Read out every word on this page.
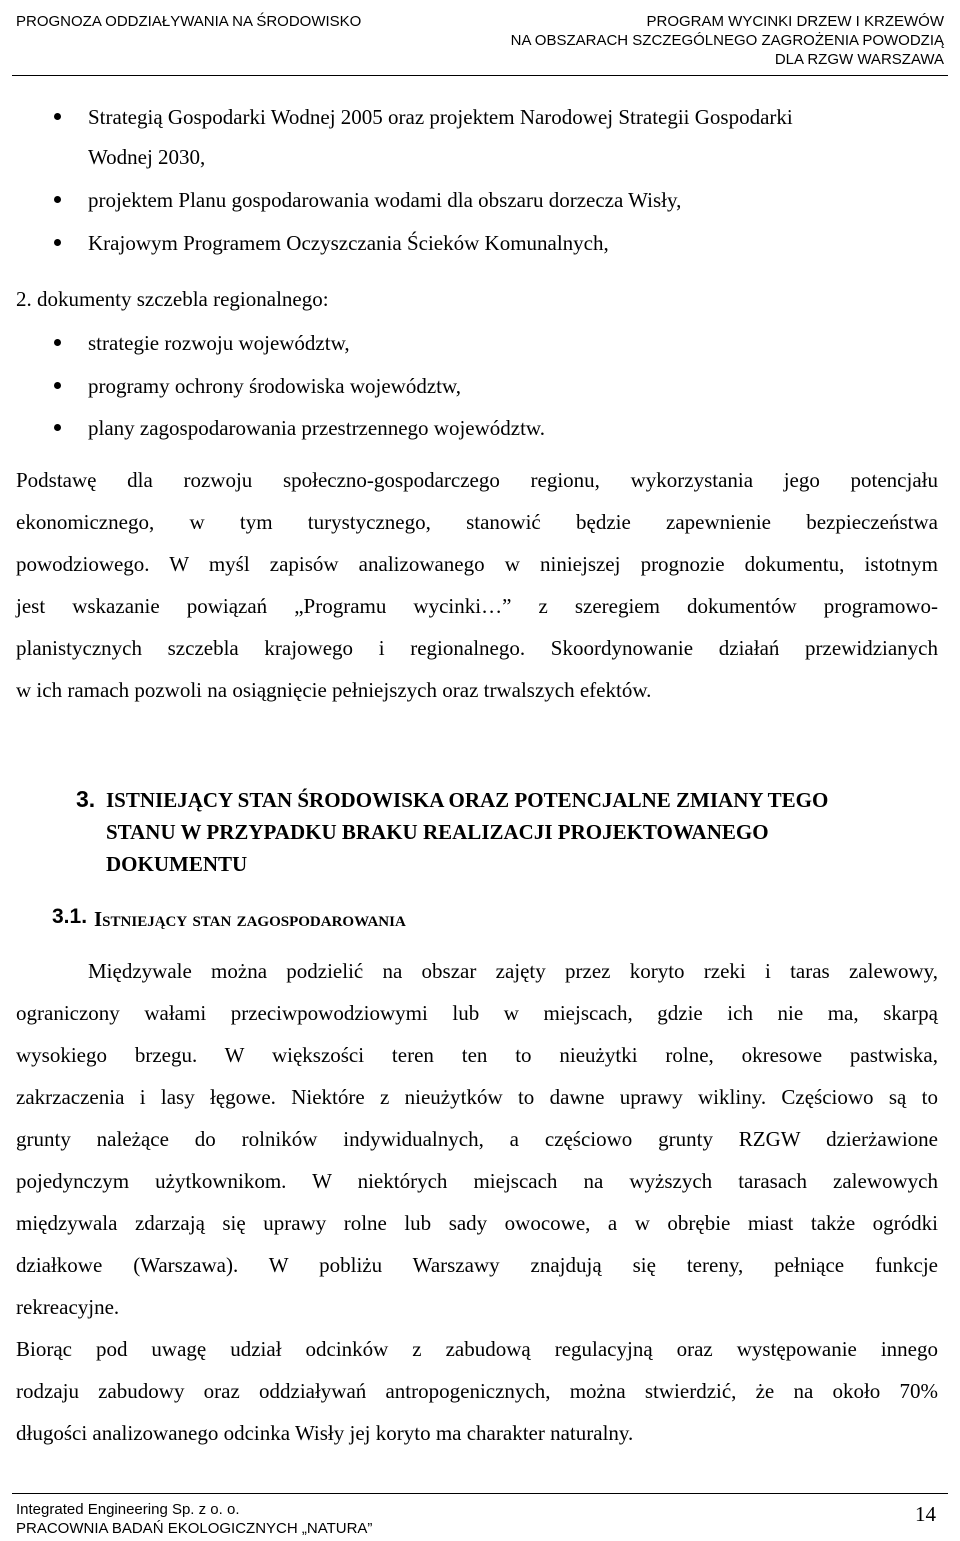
PROGNOZA ODDZIAŁYWANIA NA ŚRODOWISKO	PROGRAM WYCINKI DRZEW I KRZEWÓW
NA OBSZARACH SZCZEGÓLNEGO ZAGROŻENIA POWODZIĄ
DLA RZGW WARSZAWA
Strategią Gospodarki Wodnej 2005 oraz projektem Narodowej Strategii Gospodarki
Wodnej 2030,
projektem Planu gospodarowania wodami dla obszaru dorzecza Wisły,
Krajowym Programem Oczyszczania Ścieków Komunalnych,
2. dokumenty szczebla regionalnego:
strategie rozwoju województw,
programy ochrony środowiska województw,
plany zagospodarowania przestrzennego województw.
Podstawę dla rozwoju społeczno-gospodarczego regionu, wykorzystania jego potencjału
ekonomicznego, w tym turystycznego, stanowić będzie zapewnienie bezpieczeństwa
powodziowego. W myśl zapisów analizowanego w niniejszej prognozie dokumentu, istotnym
jest wskazanie powiązań „Programu wycinki…” z szeregiem dokumentów programowo-
planistycznych szczebla krajowego i regionalnego. Skoordynowanie działań przewidzianych
w ich ramach pozwoli na osiągnięcie pełniejszych oraz trwalszych efektów.
3. ISTNIEJĄCY STAN ŚRODOWISKA ORAZ POTENCJALNE ZMIANY TEGO
STANU W PRZYPADKU BRAKU REALIZACJI PROJEKTOWANEGO
DOKUMENTU
3.1. Istniejący stan zagospodarowania
Międzywale można podzielić na obszar zajęty przez koryto rzeki i taras zalewowy,
ograniczony wałami przeciwpowodziowymi lub w miejscach, gdzie ich nie ma, skarpą
wysokiego brzegu. W większości teren ten to nieużytki rolne, okresowe pastwiska,
zakrzaczenia i lasy łęgowe. Niektóre z nieużytków to dawne uprawy wikliny. Częściowo są to
grunty należące do rolników indywidualnych, a częściowo grunty RZGW dzierżawione
pojedynczym użytkownikom. W niektórych miejscach na wyższych tarasach zalewowych
międzywala zdarzają się uprawy rolne lub sady owocowe, a w obrębie miast także ogródki
działkowe (Warszawa). W pobliżu Warszawy znajdują się tereny, pełniące funkcje
rekreacyjne.
Biorąc pod uwagę udział odcinków z zabudową regulacyjną oraz występowanie innego
rodzaju zabudowy oraz oddziaływań antropogenicznych, można stwierdzić, że na około 70%
długości analizowanego odcinka Wisły jej koryto ma charakter naturalny.
Integrated Engineering Sp. z o. o.
PRACOWNIA BADAŃ EKOLOGICZNYCH „NATURA”
14
